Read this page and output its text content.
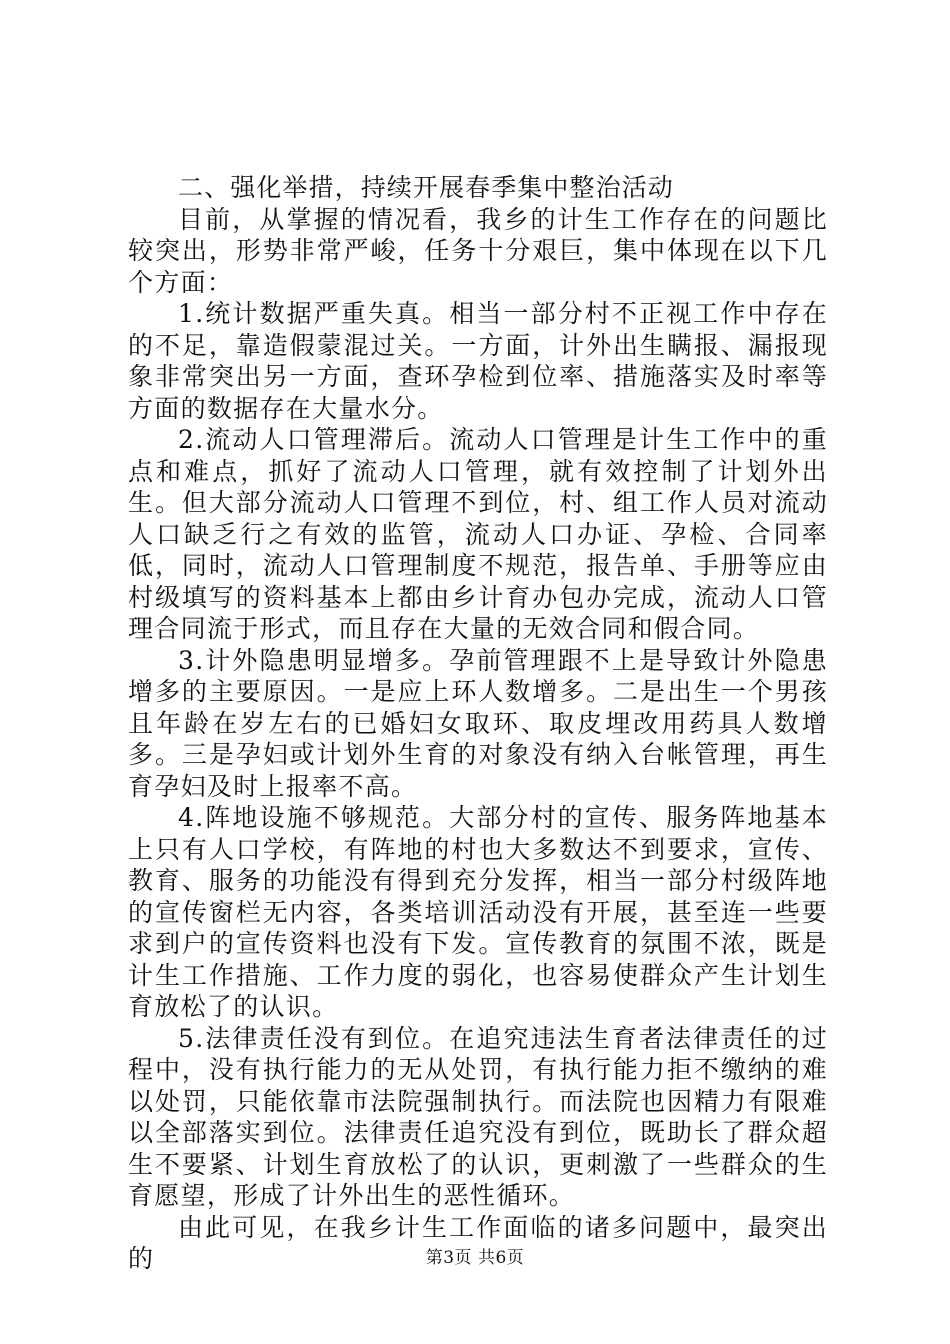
二、强化举措，持续开展春季集中整治活动

目前，从掌握的情况看，我乡的计生工作存在的问题比较突出，形势非常严峻，任务十分艰巨，集中体现在以下几个方面：

1.统计数据严重失真。相当一部分村不正视工作中存在的不足，靠造假蒙混过关。一方面，计外出生瞒报、漏报现象非常突出另一方面，查环孕检到位率、措施落实及时率等方面的数据存在大量水分。

2.流动人口管理滞后。流动人口管理是计生工作中的重点和难点，抓好了流动人口管理，就有效控制了计划外出生。但大部分流动人口管理不到位，村、组工作人员对流动人口缺乏行之有效的监管，流动人口办证、孕检、合同率低，同时，流动人口管理制度不规范，报告单、手册等应由村级填写的资料基本上都由乡计育办包办完成，流动人口管理合同流于形式，而且存在大量的无效合同和假合同。

3.计外隐患明显增多。孕前管理跟不上是导致计外隐患增多的主要原因。一是应上环人数增多。二是出生一个男孩且年龄在岁左右的已婚妇女取环、取皮埋改用药具人数增多。三是孕妇或计划外生育的对象没有纳入台帐管理，再生育孕妇及时上报率不高。

4.阵地设施不够规范。大部分村的宣传、服务阵地基本上只有人口学校，有阵地的村也大多数达不到要求，宣传、教育、服务的功能没有得到充分发挥，相当一部分村级阵地的宣传窗栏无内容，各类培训活动没有开展，甚至连一些要求到户的宣传资料也没有下发。宣传教育的氛围不浓，既是计生工作措施、工作力度的弱化，也容易使群众产生计划生育放松了的认识。

5.法律责任没有到位。在追究违法生育者法律责任的过程中，没有执行能力的无从处罚，有执行能力拒不缴纳的难以处罚，只能依靠市法院强制执行。而法院也因精力有限难以全部落实到位。法律责任追究没有到位，既助长了群众超生不要紧、计划生育放松了的认识，更刺激了一些群众的生育愿望，形成了计外出生的恶性循环。

由此可见，在我乡计生工作面临的诸多问题中，最突出的	第3页 共6页
